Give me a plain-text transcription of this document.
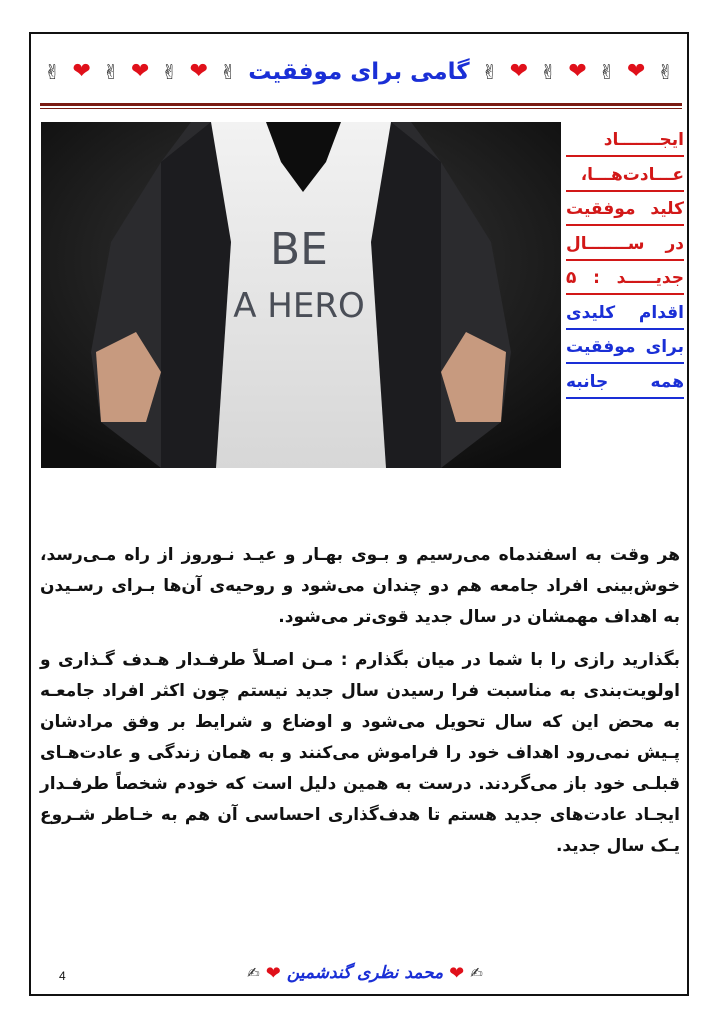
✌ ❤ ✌ ❤ ✌ ❤ ✌ گامی برای موفقیت ✌ ❤ ✌ ❤ ✌ ❤ ✌
BE
A HERO
ایجـــــــاد
عـــادت‌هـــا،
کلید موفقیت
در ســـــــال
جدیـــــد : ۵
اقدام کلیدی
برای موفقیت
همه جانبه

هر وقت به اسفندماه می‌رسیم و بـوی بهـار و عیـد نـوروز از راه مـی‌رسد، خوش‌بینی افراد جامعه هم دو چندان می‌شود و روحیه‌ی آن‌ها بـرای رسـیدن به اهداف مهمشان در سال جدید قوی‌تر می‌شود.

بگذارید رازی را با شما در میان بگذارم : مـن اصـلاً طرفـدار هـدف گـذاری و اولویت‌بندی به مناسبت فرا رسیدن سال جدید نیستم چون اکثر افراد جامعـه به محض این که سال تحویل می‌شود و اوضاع و شرایط بر وفق مرادشان پـیش نمی‌رود اهداف خود را فراموش می‌کنند و به همان زندگی و عادت‌هـای قبلـی خود باز می‌گردند. درست به همین دلیل است که خودم شخصاً طرفـدار ایجـاد عادت‌های جدید هستم تا هدف‌گذاری احساسی آن هم به خـاطر شـروع یـک سال جدید.

✍ ❤ محمد نظری گندشمین ❤ ✍
4
